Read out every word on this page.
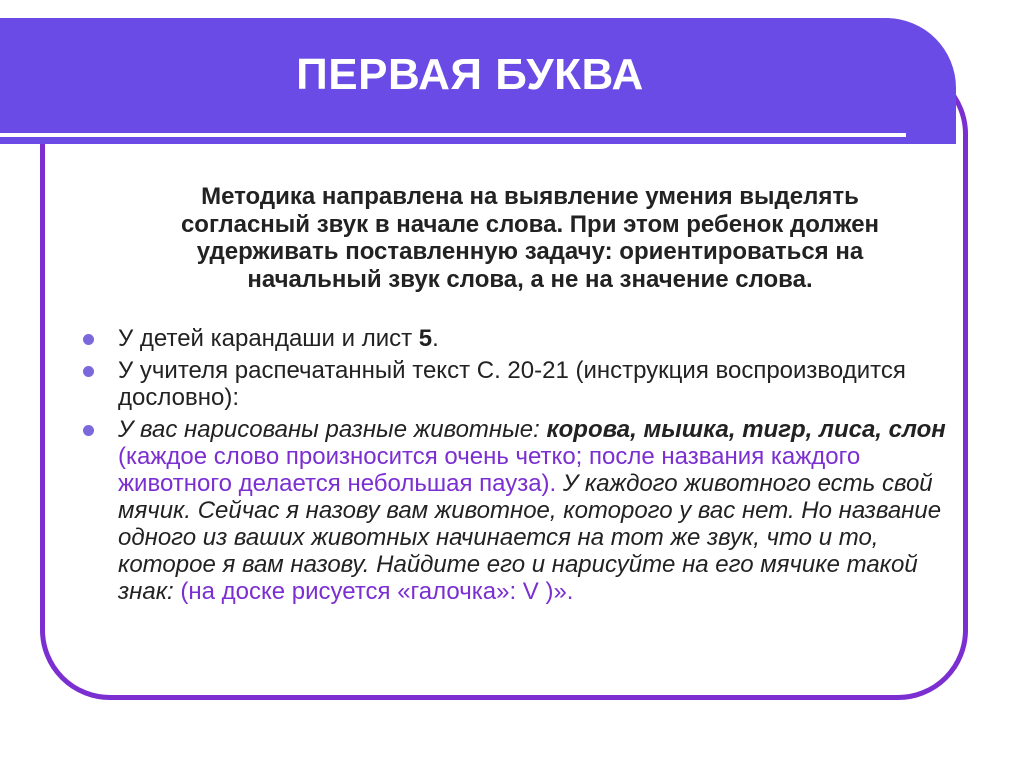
ПЕРВАЯ БУКВА
Методика направлена на выявление умения выделять согласный звук в начале слова. При этом ребенок должен удерживать поставленную задачу: ориентироваться на начальный звук слова, а не на значение слова.
У детей карандаши и лист 5.
У учителя распечатанный текст С. 20-21 (инструкция воспроизводится дословно):
У вас нарисованы разные животные: корова, мышка, тигр, лиса, слон (каждое слово произносится очень четко; после названия каждого животного делается небольшая пауза). У каждого животного есть свой мячик. Сейчас я назову вам животное, которого у вас нет. Но название одного из ваших животных начинается на тот же звук, что и то, которое я вам назову. Найдите его и нарисуйте на его мячике такой знак: (на доске рисуется «галочка»: V )».
